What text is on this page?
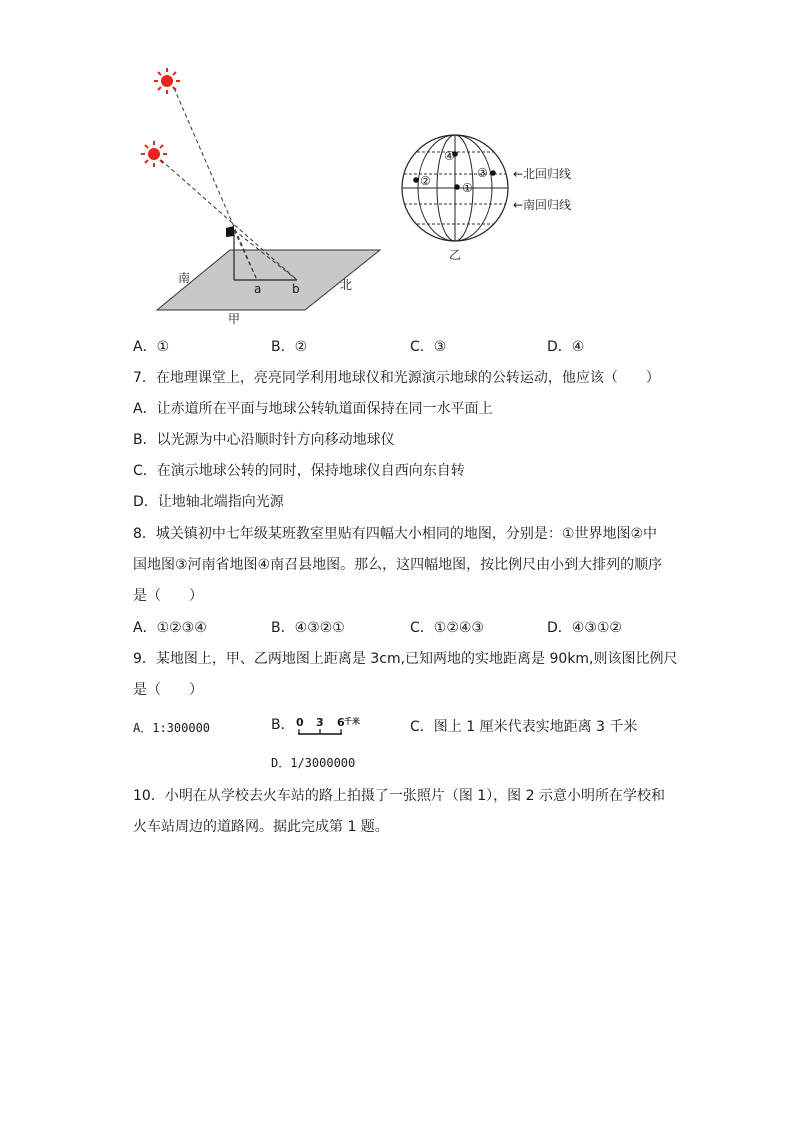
南	北
a	b
甲
④
②
③
①
←北回归线
←南回归线
乙
A．①	B．②	C．③	D．④
7．在地理课堂上，亮亮同学利用地球仪和光源演示地球的公转运动，他应该（　　）
A．让赤道所在平面与地球公转轨道面保持在同一水平面上
B．以光源为中心沿顺时针方向移动地球仪
C．在演示地球公转的同时，保持地球仪自西向东自转
D．让地轴北端指向光源
8．城关镇初中七年级某班教室里贴有四幅大小相同的地图，分别是：①世界地图②中
国地图③河南省地图④南召县地图。那么，这四幅地图，按比例尺由小到大排列的顺序
是（　　）
A．①②③④	B．④③②①	C．①②④③	D．④③①②
9．某地图上，甲、乙两地图上距离是 3cm,已知两地的实地距离是 90km,则该图比例尺
是（　　）
A．1:300000	B． 0 3 6 千米	C．图上 1 厘米代表实地距离 3 千米
D．1/3000000
10．小明在从学校去火车站的路上拍摄了一张照片（图 1），图 2 示意小明所在学校和
火车站周边的道路网。据此完成第 1 题。
